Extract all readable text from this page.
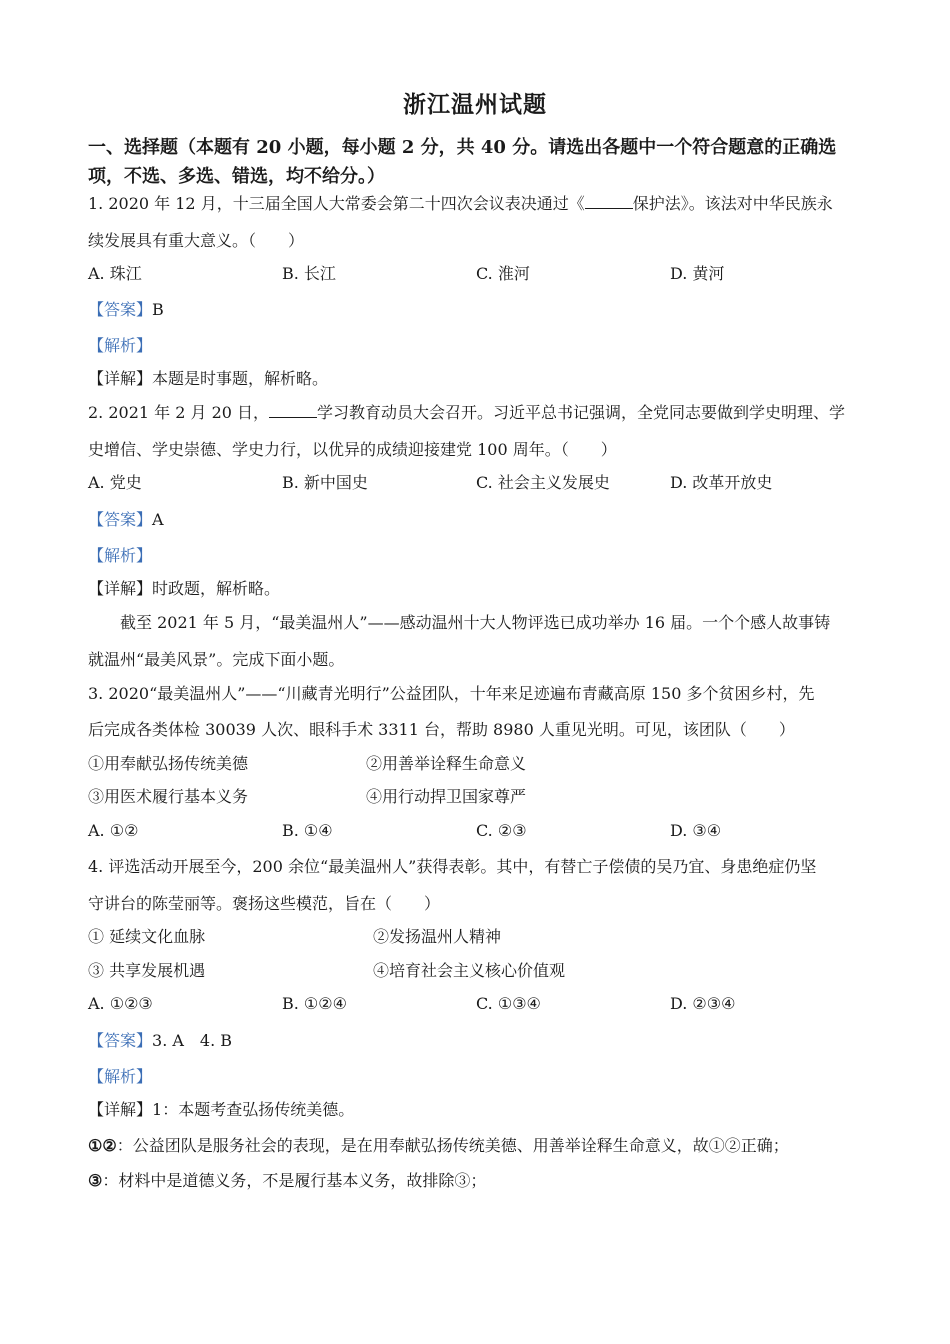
浙江温州试题
一、选择题（本题有 20 小题，每小题 2 分，共 40 分。请选出各题中一个符合题意的正确选
项，不选、多选、错选，均不给分。）
1. 2020 年 12 月，十三届全国人大常委会第二十四次会议表决通过《	保护法》。该法对中华民族永
续发展具有重大意义。（　　）
A. 珠江	B. 长江	C. 淮河	D. 黄河
【答案】B
【解析】
【详解】本题是时事题，解析略。
2. 2021 年 2 月 20 日，	学习教育动员大会召开。习近平总书记强调，全党同志要做到学史明理、学
史增信、学史崇德、学史力行，以优异的成绩迎接建党 100 周年。（　　）
A. 党史	B. 新中国史	C. 社会主义发展史	D. 改革开放史
【答案】A
【解析】
【详解】时政题，解析略。
截至 2021 年 5 月，“最美温州人”——感动温州十大人物评选已成功举办 16 届。一个个感人故事铸
就温州“最美风景”。完成下面小题。
3. 2020“最美温州人”——“川藏青光明行”公益团队，十年来足迹遍布青藏高原 150 多个贫困乡村，先
后完成各类体检 30039 人次、眼科手术 3311 台，帮助 8980 人重见光明。可见，该团队（　　）
①用奉献弘扬传统美德	②用善举诠释生命意义
③用医术履行基本义务	④用行动捍卫国家尊严
A. ①②	B. ①④	C. ②③	D. ③④
4. 评选活动开展至今，200 余位“最美温州人”获得表彰。其中，有替亡子偿债的吴乃宜、身患绝症仍坚
守讲台的陈莹丽等。褒扬这些模范，旨在（　　）
① 延续文化血脉	②发扬温州人精神
③ 共享发展机遇	④培育社会主义核心价值观
A. ①②③	B. ①②④	C. ①③④	D. ②③④
【答案】3. A　4. B
【解析】
【详解】1：本题考查弘扬传统美德。
①②：公益团队是服务社会的表现，是在用奉献弘扬传统美德、用善举诠释生命意义，故①②正确；
③：材料中是道德义务，不是履行基本义务，故排除③；
